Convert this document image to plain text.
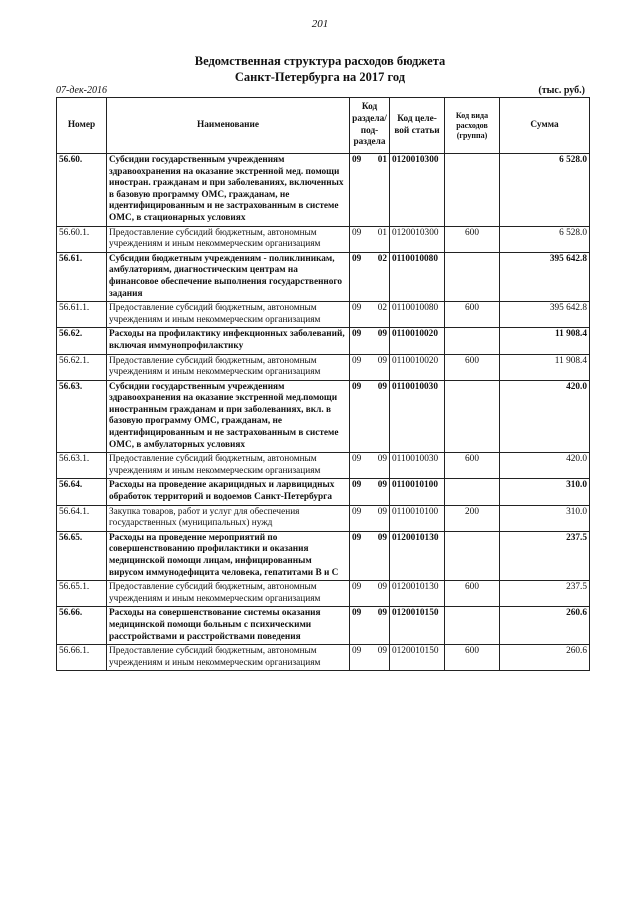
201
Ведомственная структура расходов бюджета
Санкт-Петербурга на 2017 год
07-дек-2016	(тыс. руб.)
Номер	Наименование	Код раздела/ под-раздела	Код целе-вой статьи	Код вида расходов (группа)	Сумма
56.60.	Субсидии государственным учреждениям здравоохранения на оказание экстренной мед. помощи иностран. гражданам и при заболеваниях, включенных в базовую программу ОМС, гражданам, не идентифицированным и не застрахованным в системе ОМС, в стационарных условиях	09 01	0120010300		6 528.0
56.60.1.	Предоставление субсидий бюджетным, автономным учреждениям и иным некоммерческим организациям	09 01	0120010300	600	6 528.0
56.61.	Субсидии бюджетным учреждениям - поликлиникам, амбулаториям, диагностическим центрам на финансовое обеспечение выполнения государственного задания	09 02	0110010080		395 642.8
56.61.1.	Предоставление субсидий бюджетным, автономным учреждениям и иным некоммерческим организациям	09 02	0110010080	600	395 642.8
56.62.	Расходы на профилактику инфекционных заболеваний, включая иммунопрофилактику	09 09	0110010020		11 908.4
56.62.1.	Предоставление субсидий бюджетным, автономным учреждениям и иным некоммерческим организациям	09 09	0110010020	600	11 908.4
56.63.	Субсидии государственным учреждениям здравоохранения на оказание экстренной мед.помощи иностранным гражданам и при заболеваниях, вкл. в базовую программу ОМС, гражданам, не идентифицированным и не застрахованным в системе ОМС, в амбулаторных условиях	09 09	0110010030		420.0
56.63.1.	Предоставление субсидий бюджетным, автономным учреждениям и иным некоммерческим организациям	09 09	0110010030	600	420.0
56.64.	Расходы на проведение акарицидных и ларвицидных обработок территорий и водоемов Санкт-Петербурга	09 09	0110010100		310.0
56.64.1.	Закупка товаров, работ и услуг для обеспечения государственных (муниципальных) нужд	09 09	0110010100	200	310.0
56.65.	Расходы на проведение мероприятий по совершенствованию профилактики и оказания медицинской помощи лицам, инфицированным вирусом иммунодефицита человека, гепатитами В и С	09 09	0120010130		237.5
56.65.1.	Предоставление субсидий бюджетным, автономным учреждениям и иным некоммерческим организациям	09 09	0120010130	600	237.5
56.66.	Расходы на совершенствование системы оказания медицинской помощи больным с психическими расстройствами и расстройствами поведения	09 09	0120010150		260.6
56.66.1.	Предоставление субсидий бюджетным, автономным учреждениям и иным некоммерческим организациям	09 09	0120010150	600	260.6
